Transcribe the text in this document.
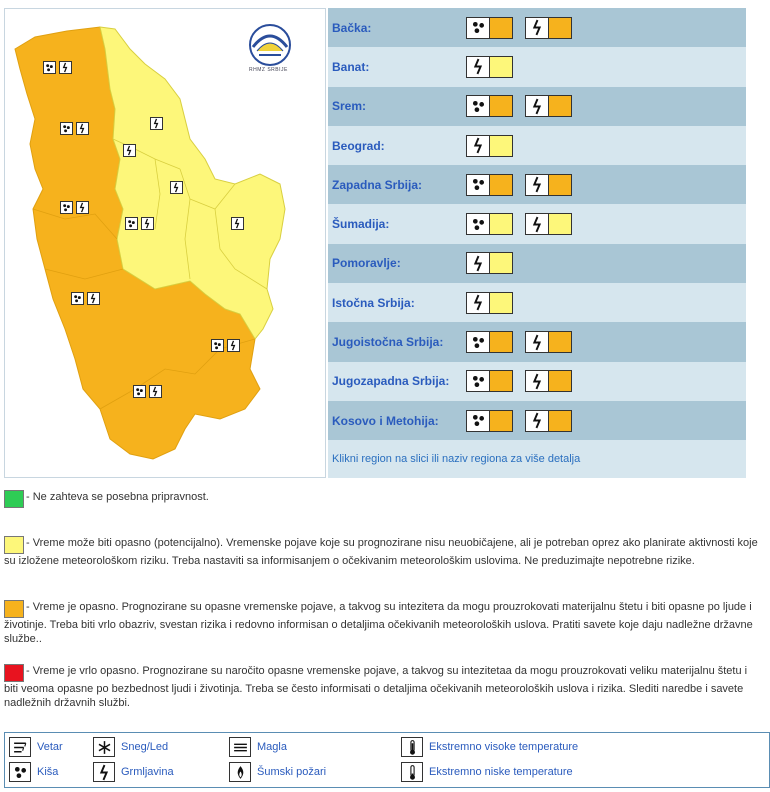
RHMZ SRBIJE
Bačka:
Banat:
Srem:
Beograd:
Zapadna Srbija:
Šumadija:
Pomoravlje:
Istočna Srbija:
Jugoistočna Srbija:
Jugozapadna Srbija:
Kosovo i Metohija:
Klikni region na slici ili naziv regiona za više detalja
- Ne zahteva se posebna pripravnost.
- Vreme može biti opasno (potencijalno). Vremenske pojave koje su prognozirane nisu neuobičajene, ali je potreban oprez ako planirate aktivnosti koje su izložene meteorološkom riziku. Treba nastaviti sa informisanjem o očekivanim meteorološkim uslovima. Ne preduzimajte nepotrebne rizike.
- Vreme je opasno. Prognozirane su opasne vremenske pojave, a takvog su intezitета da mogu prouzrokovati materijalnu štetu i biti opasne po ljude i životinje. Treba biti vrlo obazriv, svestan rizika i redovno informisan o detaljima očekivanih meteoroloških uslova. Pratiti savete koje daju nadležne državne službe..
- Vreme je vrlo opasno. Prognozirane su naročito opasne vremenske pojave, a takvog su intezitetaa da mogu prouzrokovati veliku materijalnu štetu i biti veoma opasne po bezbednost ljudi i životinja. Treba se često informisati o detaljima očekivanih meteoroloških uslova i rizika. Slediti naredbe i savete nadležnih državnih službi.
Vetar	Sneg/Led	Magla	Ekstremno visoke temperature
Kiša	Grmljavina	Šumski požari	Ekstremno niske temperature
